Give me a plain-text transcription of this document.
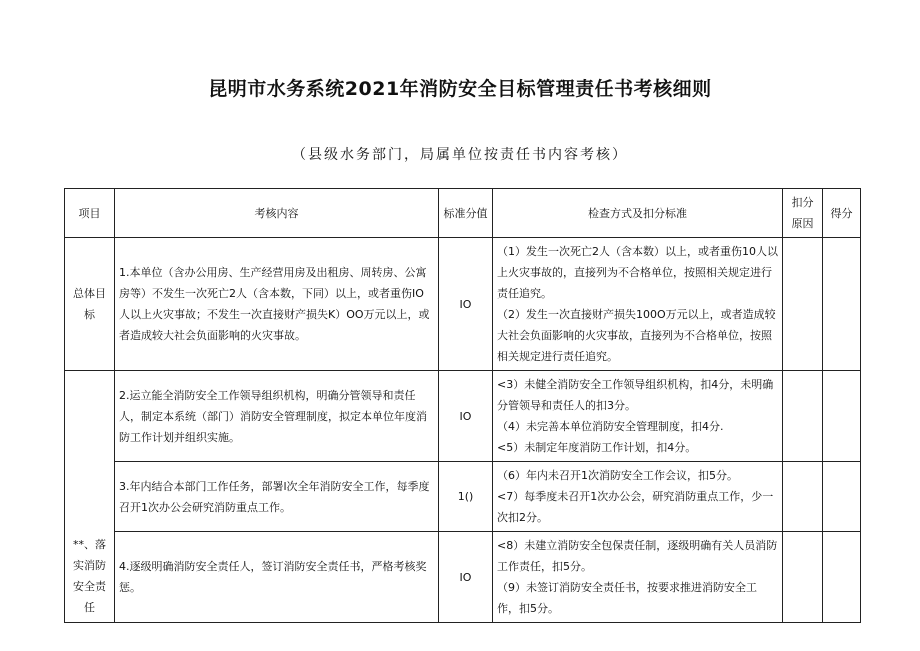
昆明市水务系统2021年消防安全目标管理责任书考核细则
（县级水务部门，局属单位按责任书内容考核）
项目	考核内容	标准分值	检查方式及扣分标准	扣分原因	得分
总体目标	1.本单位（含办公用房、生产经营用房及出租房、周转房、公寓房等）不发生一次死亡2人（含本数，下同）以上，或者重伤IO人以上火灾事故；不发生一次直接财产损失K）OO万元以上，或者造成较大社会负面影响的火灾事故。	IO	（1）发生一次死亡2人（含本数）以上，或者重伤10人以上火灾事故的，直接列为不合格单位，按照相关规定进行责任追究。

（2）发生一次直接财产损失100O万元以上，或者造成较大社会负面影响的火灾事故，直接列为不合格单位，按照相关规定进行责任追究。		

**、落实消防安全责任	2.运立能全消防安全工作领导组织机构，明确分管领导和责任人，制定本系统（部门）消防安全管理制度，拟定本单位年度消防工作计划并组织实施。	IO	<3）未健全消防安全工作领导组织机构，扣4分，未明确分管领导和责任人的扣3分。

（4）未完善本单位消防安全管理制度，扣4分.

<5）未制定年度消防工作计划，扣4分。		

	3.年内结合本部门工作任务，部署l次全年消防安全工作，每季度召开1次办公会研究消防重点工作。	1()	（6）年内未召开1次消防安全工作会议，扣5分。

<7）每季度未召开1次办公会，研究消防重点工作，少一次扣2分。		

	4.逐级明确消防安全责任人，签订消防安全责任书，严格考核奖惩。	IO	<8）未建立消防安全包保责任制，逐级明确有关人员消防工作责任，扣5分。

（9）未签订消防安全责任书，按要求推进消防安全工作，扣5分。		
